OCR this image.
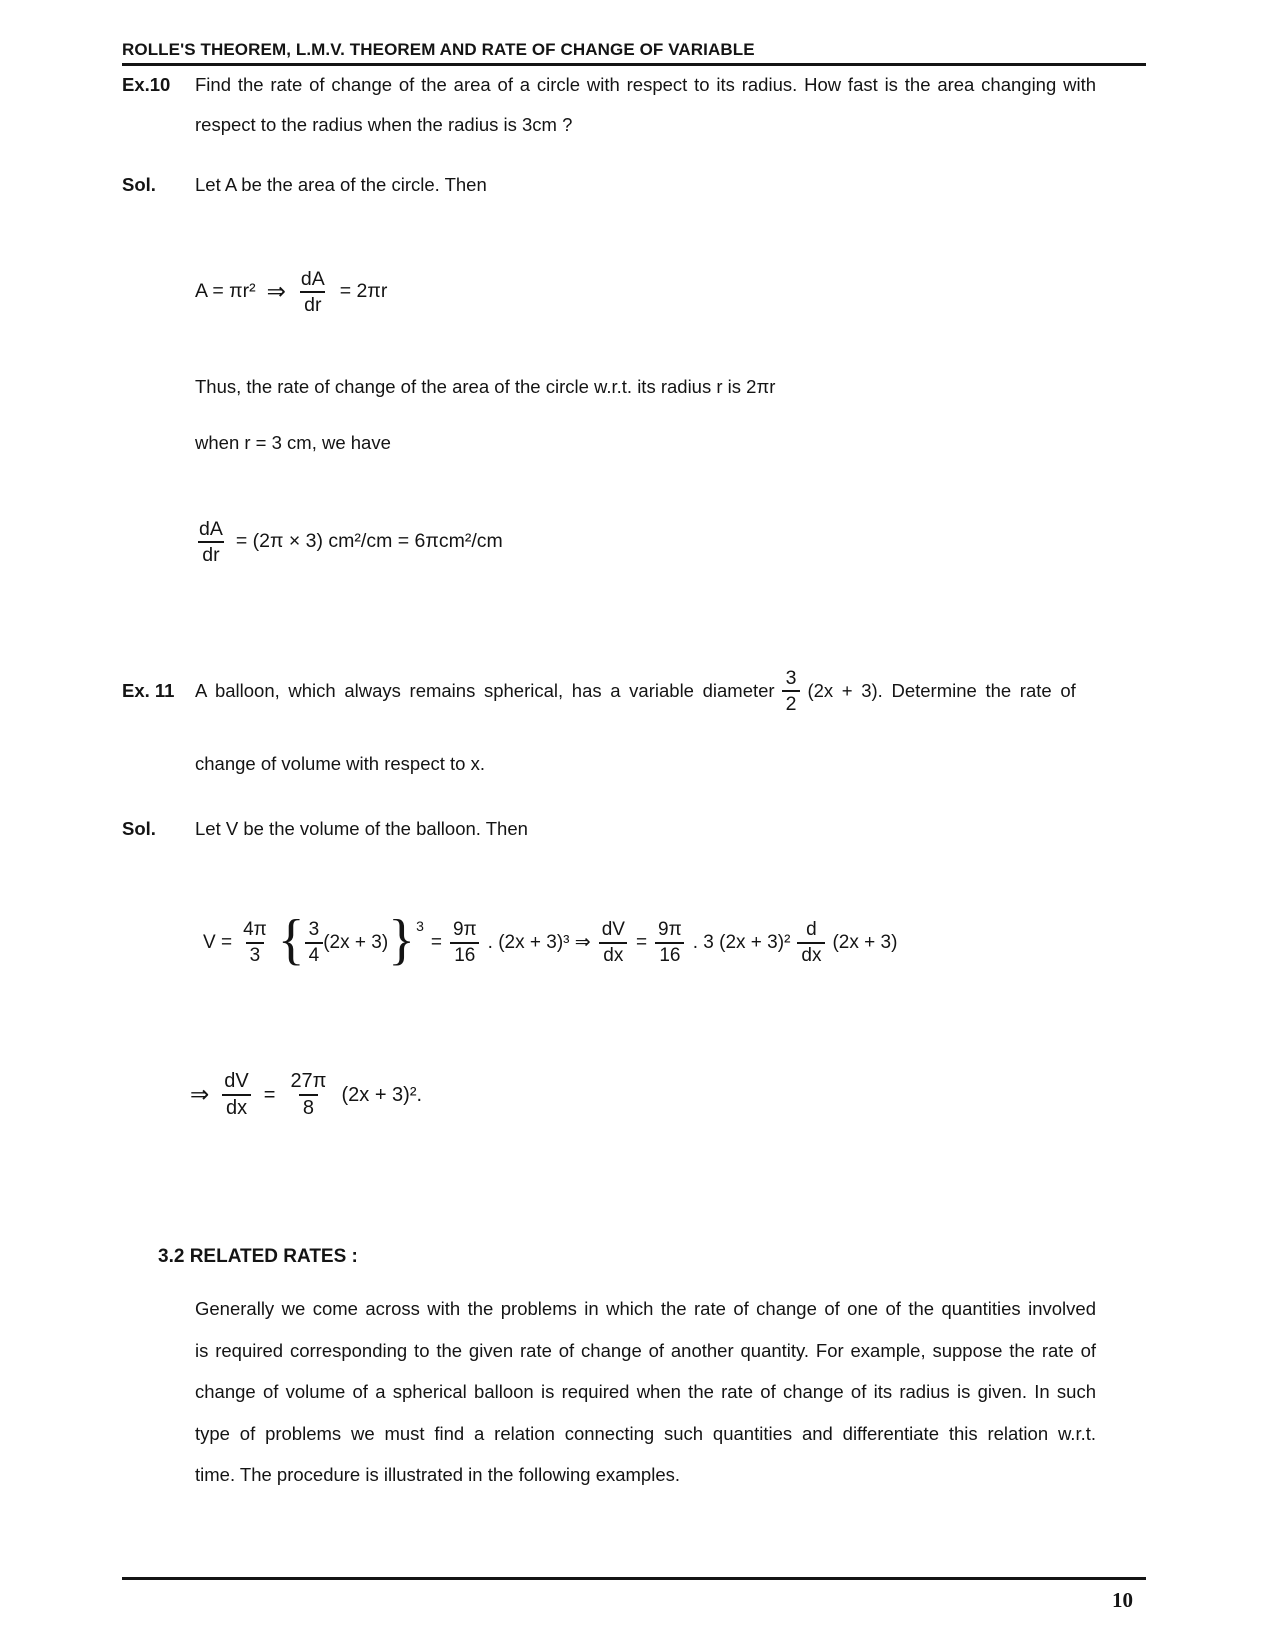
ROLLE'S THEOREM, L.M.V. THEOREM AND RATE OF CHANGE OF VARIABLE
Ex.10 Find the rate of change of the area of a circle with respect to its radius. How fast is the area changing with
respect to the radius when the radius is 3cm ?
Sol. Let A be the area of the circle. Then
A = πr² ⇒ $\frac{dA}{dr} = 2\pi r$
Thus, the rate of change of the area of the circle w.r.t. its radius r is 2πr
when r = 3 cm, we have
$\frac{dA}{dr} = (2\pi \times 3) cm^2/cm = 6\pi cm^2/cm$
Ex. 11 A balloon, which always remains spherical, has a variable diameter $\frac{3}{2} (2x + 3)$. Determine the rate of
change of volume with respect to x.
Sol. Let V be the volume of the balloon. Then
$V = \frac{4\pi}{3}$ { $\frac{3}{4} (2x + 3)$ } 3
= $\frac{9\pi}{16}$ . (2x + 3)³ ⇒ $\frac{dV}{dx} = \frac{9\pi}{16}$ . 3 $(2x + 3)^2 \frac{d}{dx} (2x + 3)$
⇒ $\frac{dV}{dx} = \frac{27\pi}{8} (2x + 3)^2$.
3.2 RELATED RATES :
Generally we come across with the problems in which the rate of change of one of the quantities involved
is required corresponding to the given rate of change of another quantity. For example, suppose the rate of
change of volume of a spherical balloon is required when the rate of change of its radius is given. In such
type of problems we must find a relation connecting such quantities and differentiate this relation w.r.t.
time. The procedure is illustrated in the following examples.
10
